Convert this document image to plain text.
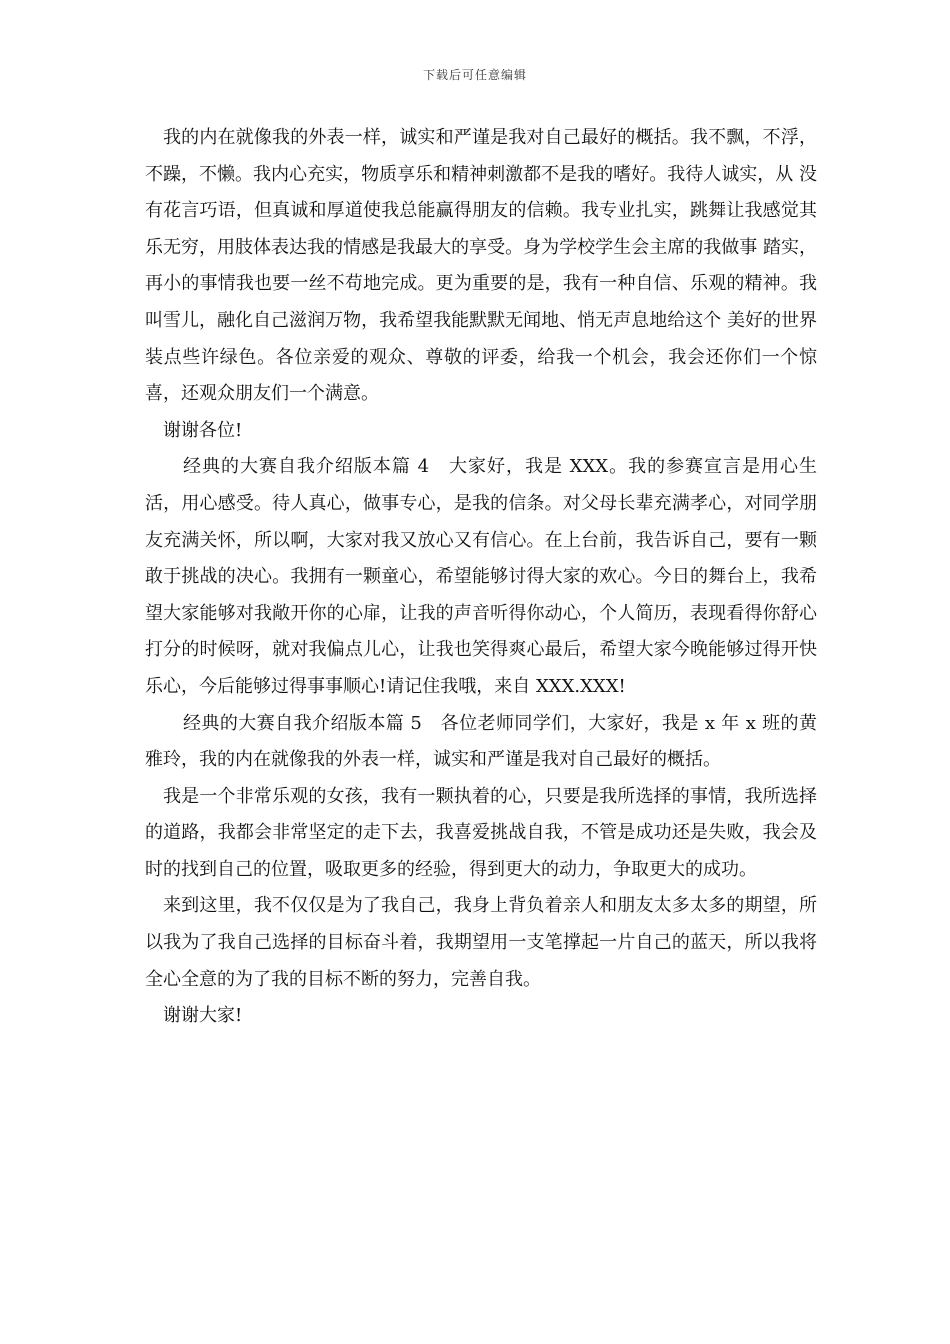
下载后可任意编辑

我的内在就像我的外表一样，诚实和严谨是我对自己最好的概括。我不飘，不浮，不躁，不懒。我内心充实，物质享乐和精神刺激都不是我的嗜好。我待人诚实，从 没有花言巧语，但真诚和厚道使我总能赢得朋友的信赖。我专业扎实，跳舞让我感觉其乐无穷，用肢体表达我的情感是我最大的享受。身为学校学生会主席的我做事 踏实，再小的事情我也要一丝不苟地完成。更为重要的是，我有一种自信、乐观的精神。我叫雪儿，融化自己滋润万物，我希望我能默默无闻地、悄无声息地给这个 美好的世界装点些许绿色。各位亲爱的观众、尊敬的评委，给我一个机会，我会还你们一个惊喜，还观众朋友们一个满意。

谢谢各位!

经典的大赛自我介绍版本篇 4　大家好，我是 XXX。我的参赛宣言是用心生活，用心感受。待人真心，做事专心，是我的信条。对父母长辈充满孝心，对同学朋友充满关怀，所以啊，大家对我又放心又有信心。在上台前，我告诉自己，要有一颗敢于挑战的决心。我拥有一颗童心，希望能够讨得大家的欢心。今日的舞台上，我希望大家能够对我敞开你的心扉，让我的声音听得你动心，个人简历，表现看得你舒心打分的时候呀，就对我偏点儿心，让我也笑得爽心最后，希望大家今晚能够过得开快乐心，今后能够过得事事顺心!请记住我哦，来自 XXX.XXX!

经典的大赛自我介绍版本篇 5　各位老师同学们，大家好，我是 x 年 x 班的黄雅玲，我的内在就像我的外表一样，诚实和严谨是我对自己最好的概括。

我是一个非常乐观的女孩，我有一颗执着的心，只要是我所选择的事情，我所选择的道路，我都会非常坚定的走下去，我喜爱挑战自我，不管是成功还是失败，我会及时的找到自己的位置，吸取更多的经验，得到更大的动力，争取更大的成功。

来到这里，我不仅仅是为了我自己，我身上背负着亲人和朋友太多太多的期望，所以我为了我自己选择的目标奋斗着，我期望用一支笔撑起一片自己的蓝天，所以我将全心全意的为了我的目标不断的努力，完善自我。

谢谢大家!
